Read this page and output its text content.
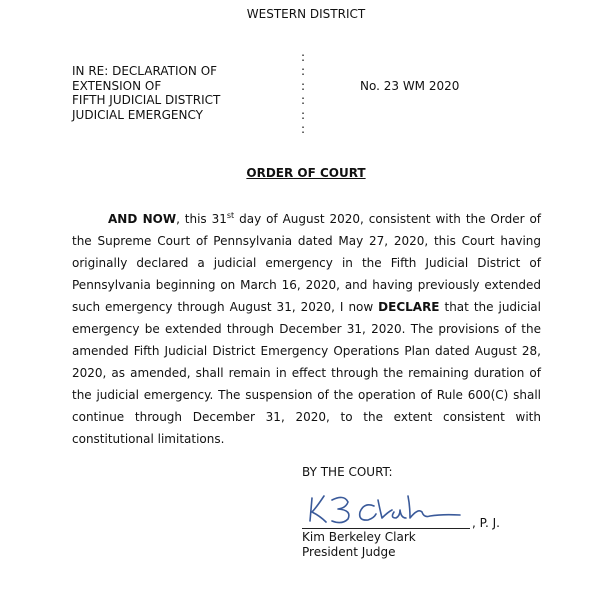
WESTERN DISTRICT
IN RE: DECLARATION OF
EXTENSION OF
FIFTH JUDICIAL DISTRICT
JUDICIAL EMERGENCY
:
:
:
:
:
:
No. 23 WM 2020
ORDER OF COURT
AND NOW, this 31st day of August 2020, consistent with the Order of the Supreme Court of Pennsylvania dated May 27, 2020, this Court having originally declared a judicial emergency in the Fifth Judicial District of Pennsylvania beginning on March 16, 2020, and having previously extended such emergency through August 31, 2020, I now DECLARE that the judicial emergency be extended through December 31, 2020. The provisions of the amended Fifth Judicial District Emergency Operations Plan dated August 28, 2020, as amended, shall remain in effect through the remaining duration of the judicial emergency. The suspension of the operation of Rule 600(C) shall continue through December 31, 2020, to the extent consistent with constitutional limitations.
BY THE COURT:
, P. J.
Kim Berkeley Clark
President Judge
